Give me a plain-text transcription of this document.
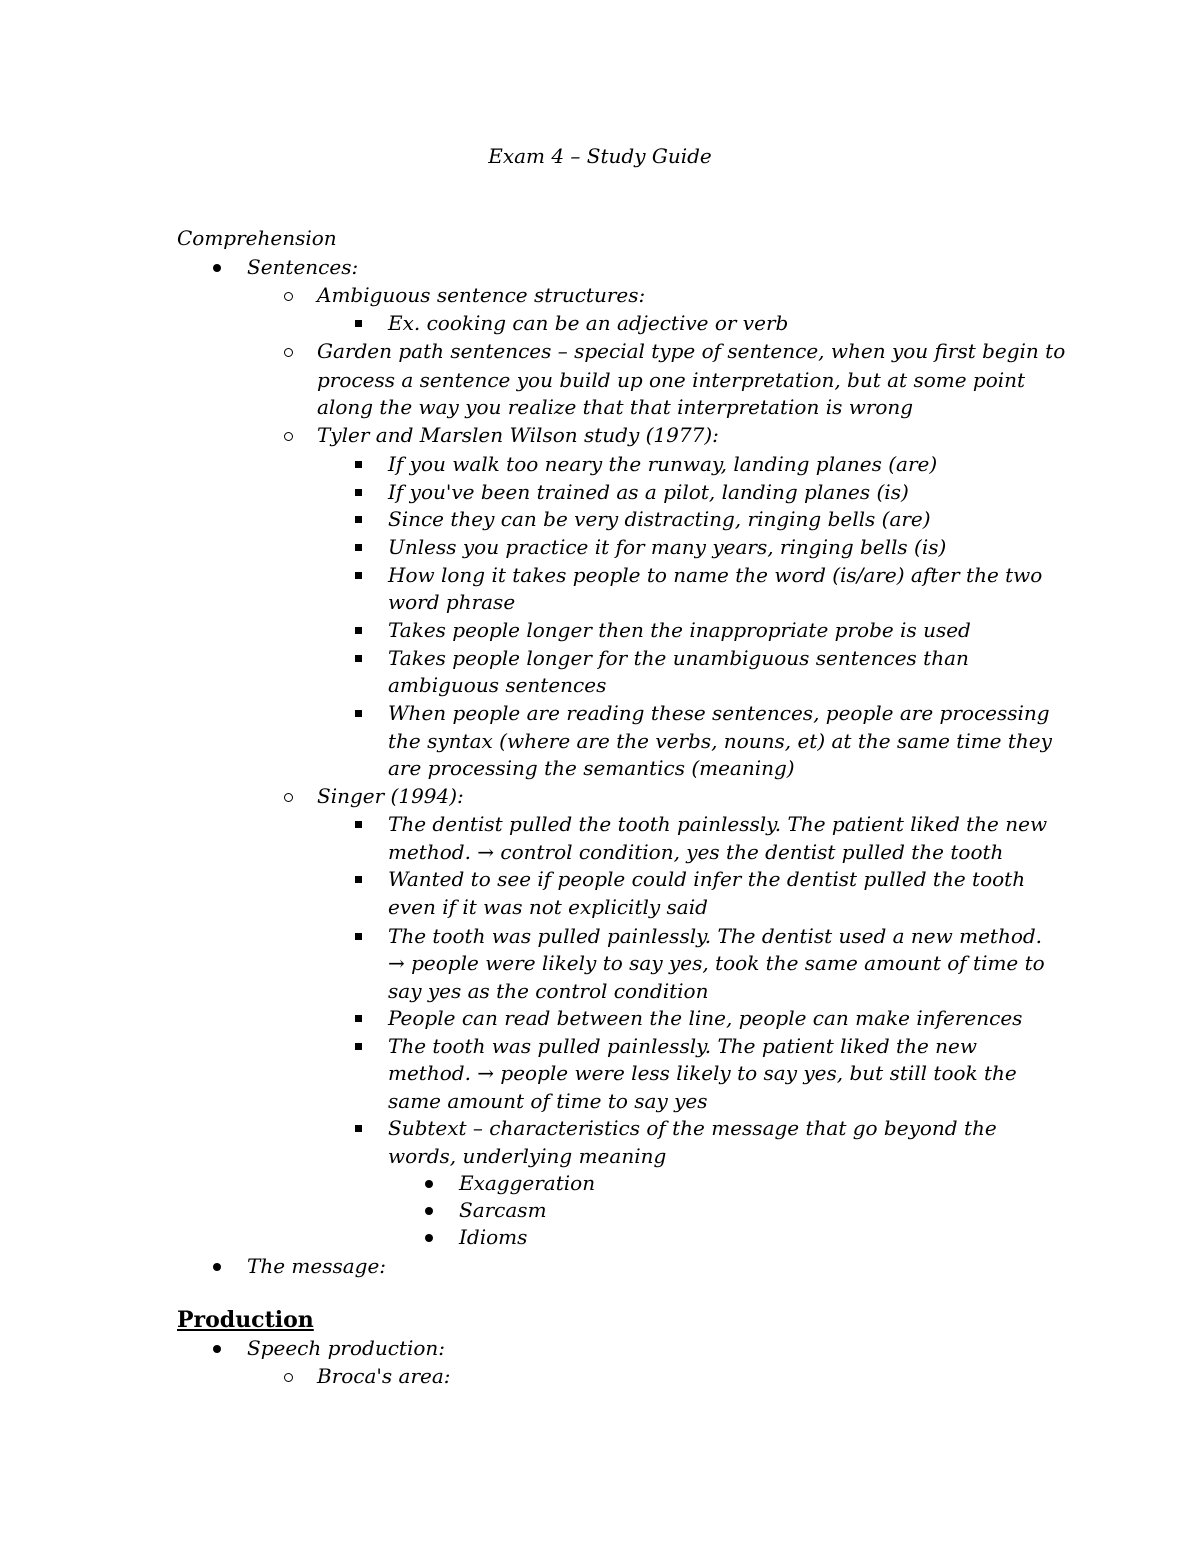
Exam 4 – Study Guide
Comprehension
Sentences:
Ambiguous sentence structures:
Ex. cooking can be an adjective or verb
Garden path sentences – special type of sentence, when you first begin to
process a sentence you build up one interpretation, but at some point
along the way you realize that that interpretation is wrong
Tyler and Marslen Wilson study (1977):
If you walk too neary the runway, landing planes (are)
If you've been trained as a pilot, landing planes (is)
Since they can be very distracting, ringing bells (are)
Unless you practice it for many years, ringing bells (is)
How long it takes people to name the word (is/are) after the two
word phrase
Takes people longer then the inappropriate probe is used
Takes people longer for the unambiguous sentences than
ambiguous sentences
When people are reading these sentences, people are processing
the syntax (where are the verbs, nouns, et) at the same time they
are processing the semantics (meaning)
Singer (1994):
The dentist pulled the tooth painlessly. The patient liked the new
method. → control condition, yes the dentist pulled the tooth
Wanted to see if people could infer the dentist pulled the tooth
even if it was not explicitly said
The tooth was pulled painlessly. The dentist used a new method.
→ people were likely to say yes, took the same amount of time to
say yes as the control condition
People can read between the line, people can make inferences
The tooth was pulled painlessly. The patient liked the new
method. → people were less likely to say yes, but still took the
same amount of time to say yes
Subtext – characteristics of the message that go beyond the
words, underlying meaning
Exaggeration
Sarcasm
Idioms
The message:
Production
Speech production:
Broca's area:
